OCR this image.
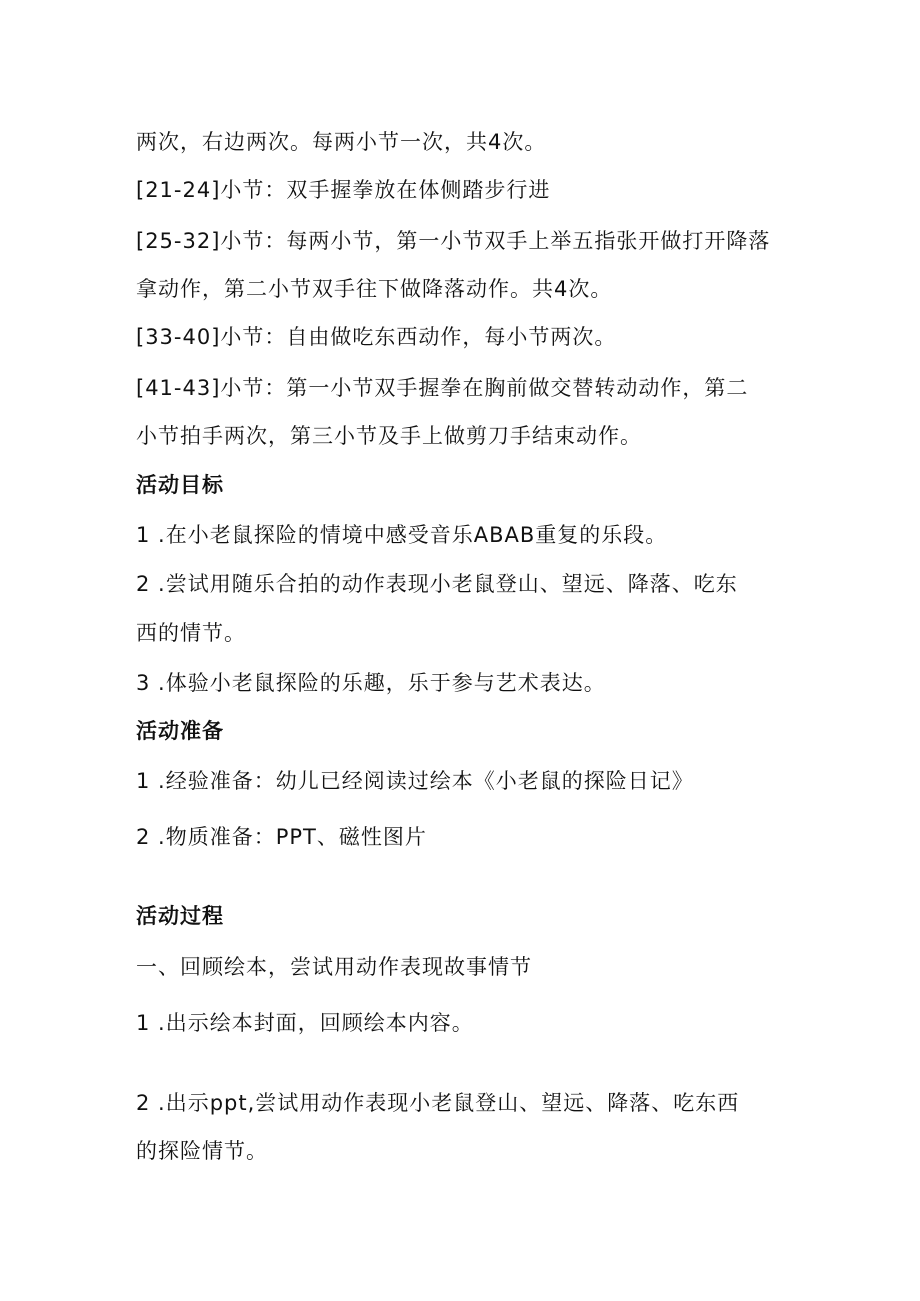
两次，右边两次。每两小节一次，共4次。
[21-24]小节：双手握拳放在体侧踏步行进
[25-32]小节：每两小节，第一小节双手上举五指张开做打开降落
拿动作，第二小节双手往下做降落动作。共4次。
[33-40]小节：自由做吃东西动作，每小节两次。
[41-43]小节：第一小节双手握拳在胸前做交替转动动作，第二
小节拍手两次，第三小节及手上做剪刀手结束动作。
活动目标
1 .在小老鼠探险的情境中感受音乐ABAB重复的乐段。
2 .尝试用随乐合拍的动作表现小老鼠登山、望远、降落、吃东
西的情节。
3 .体验小老鼠探险的乐趣，乐于参与艺术表达。
活动准备
1 .经验准备：幼儿已经阅读过绘本《小老鼠的探险日记》
2 .物质准备：PPT、磁性图片
活动过程
一、回顾绘本，尝试用动作表现故事情节
1 .出示绘本封面，回顾绘本内容。
2 .出示ppt,尝试用动作表现小老鼠登山、望远、降落、吃东西
的探险情节。
